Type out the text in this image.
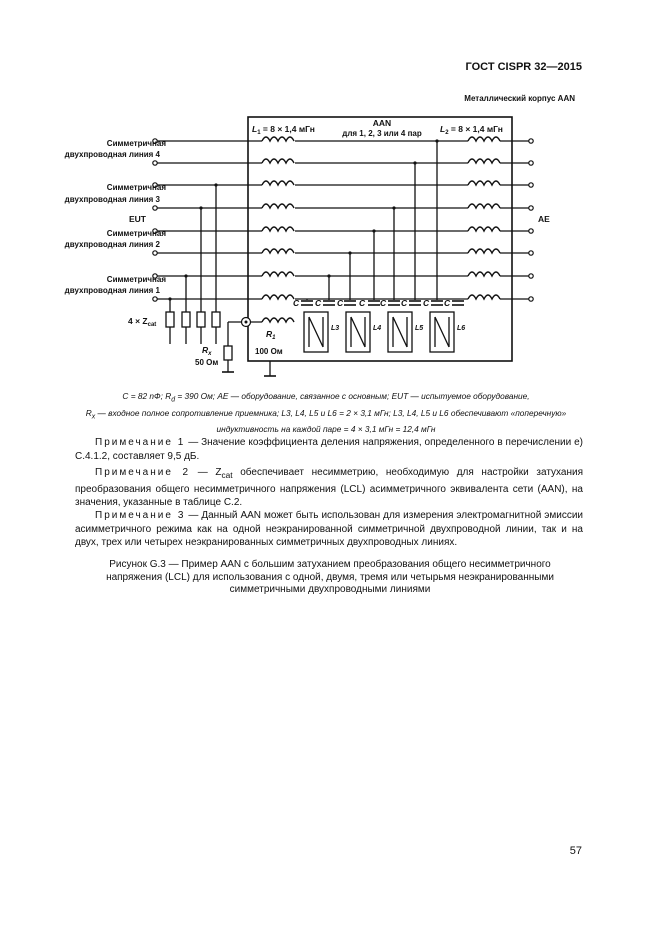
ГОСТ CISPR 32—2015
Металлический корпус AAN
AAN
для 1, 2, 3 или 4 пар
$L_1 = 8 \times 1,4$ мГн	$L_2 = 8 \times 1,4$ мГн
Симметричная
двухпроводная линия 4
Симметричная
двухпроводная линия 3
EUT
Симметричная
двухпроводная линия 2
Симметричная
двухпроводная линия 1
AE
$4 \times Z_{cat}$
$R_x$
50 Ом
$R_1$
100 Ом
C C C C C C C C
L3	L4	L5	L6

C = 82 nФ; $R_d = 390$ Ом; AE — оборудование, связанное с основным; EUT — испытуемое оборудование,

$R_x$ — входное полное сопротивление приемника; L3, L4, L5 и L6 = 2 × 3,1 мГн; L3, L4, L5 и L6 обеспечивают «поперечную»

индуктивность на каждой паре = 4 × 3,1 мГн = 12,4 мГн

  Примечание 1 — Значение коэффициента деления напряжения, определенного в перечислении е) С.4.1.2, составляет 9,5 дБ.
  Примечание 2 — $Z_{cat}$ обеспечивает несимметрию, необходимую для настройки затухания преобразования общего несимметричного напряжения (LCL) асимметричного эквивалента сети (AAN), на значения, указанные в таблице С.2.
  Примечание 3 — Данный AAN может быть использован для измерения электромагнитной эмиссии асимметричного режима как на одной неэкранированной симметричной двухпроводной линии, так и на двух, трех или четырех неэкранированных симметричных двухпроводных линиях.
Рисунок G.3 — Пример AAN с большим затуханием преобразования общего несимметричного
напряжения (LCL) для использования с одной, двумя, тремя или четырьмя неэкранированными
симметричными двухпроводными линиями
57
